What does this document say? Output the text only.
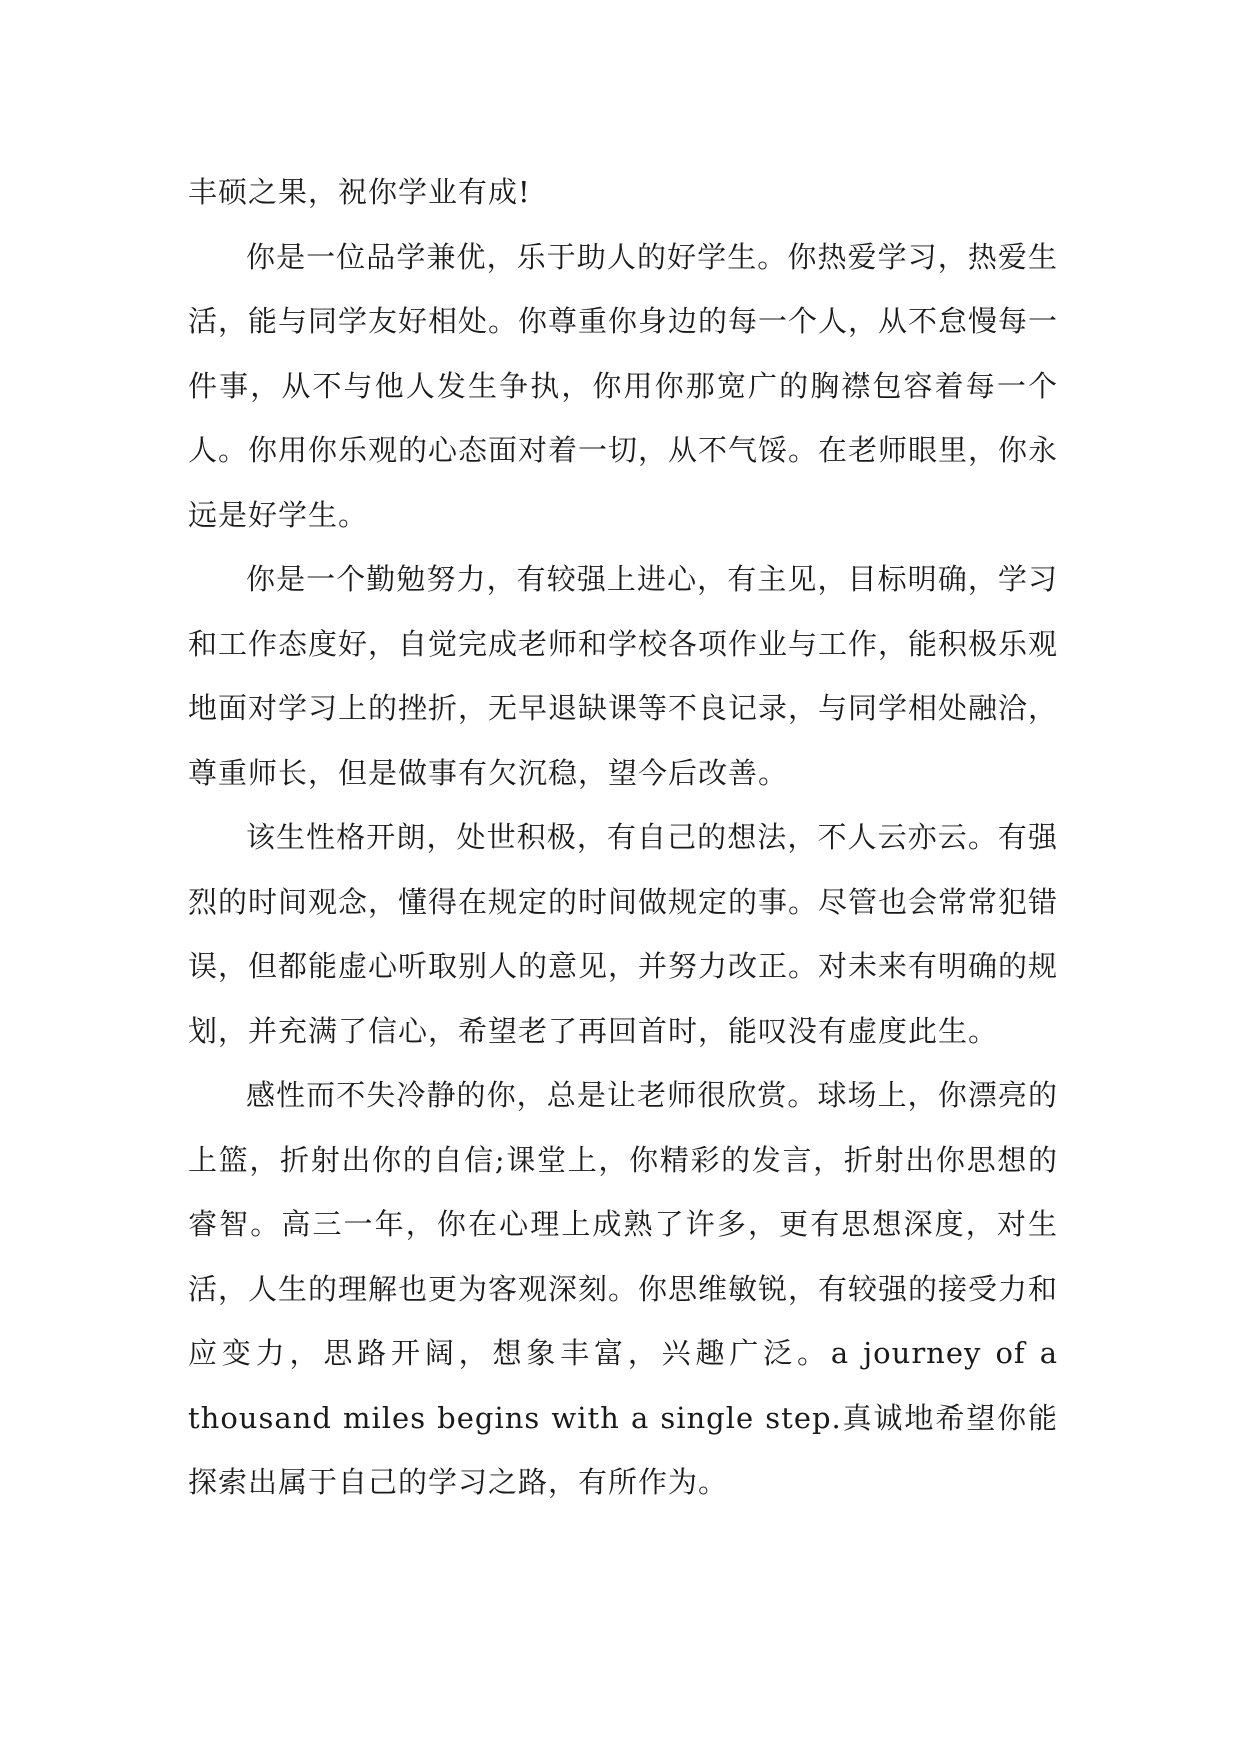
丰硕之果，祝你学业有成!

你是一位品学兼优，乐于助人的好学生。你热爱学习，热爱生活，能与同学友好相处。你尊重你身边的每一个人，从不怠慢每一件事，从不与他人发生争执，你用你那宽广的胸襟包容着每一个人。你用你乐观的心态面对着一切，从不气馁。在老师眼里，你永远是好学生。

你是一个勤勉努力，有较强上进心，有主见，目标明确，学习和工作态度好，自觉完成老师和学校各项作业与工作，能积极乐观地面对学习上的挫折，无早退缺课等不良记录，与同学相处融洽，尊重师长，但是做事有欠沉稳，望今后改善。

该生性格开朗，处世积极，有自己的想法，不人云亦云。有强烈的时间观念，懂得在规定的时间做规定的事。尽管也会常常犯错误，但都能虚心听取别人的意见，并努力改正。对未来有明确的规划，并充满了信心，希望老了再回首时，能叹没有虚度此生。

感性而不失冷静的你，总是让老师很欣赏。球场上，你漂亮的上篮，折射出你的自信;课堂上，你精彩的发言，折射出你思想的睿智。高三一年，你在心理上成熟了许多，更有思想深度，对生活，人生的理解也更为客观深刻。你思维敏锐，有较强的接受力和应变力，思路开阔，想象丰富，兴趣广泛。a journey of a thousand miles begins with a single step.真诚地希望你能探索出属于自己的学习之路，有所作为。
